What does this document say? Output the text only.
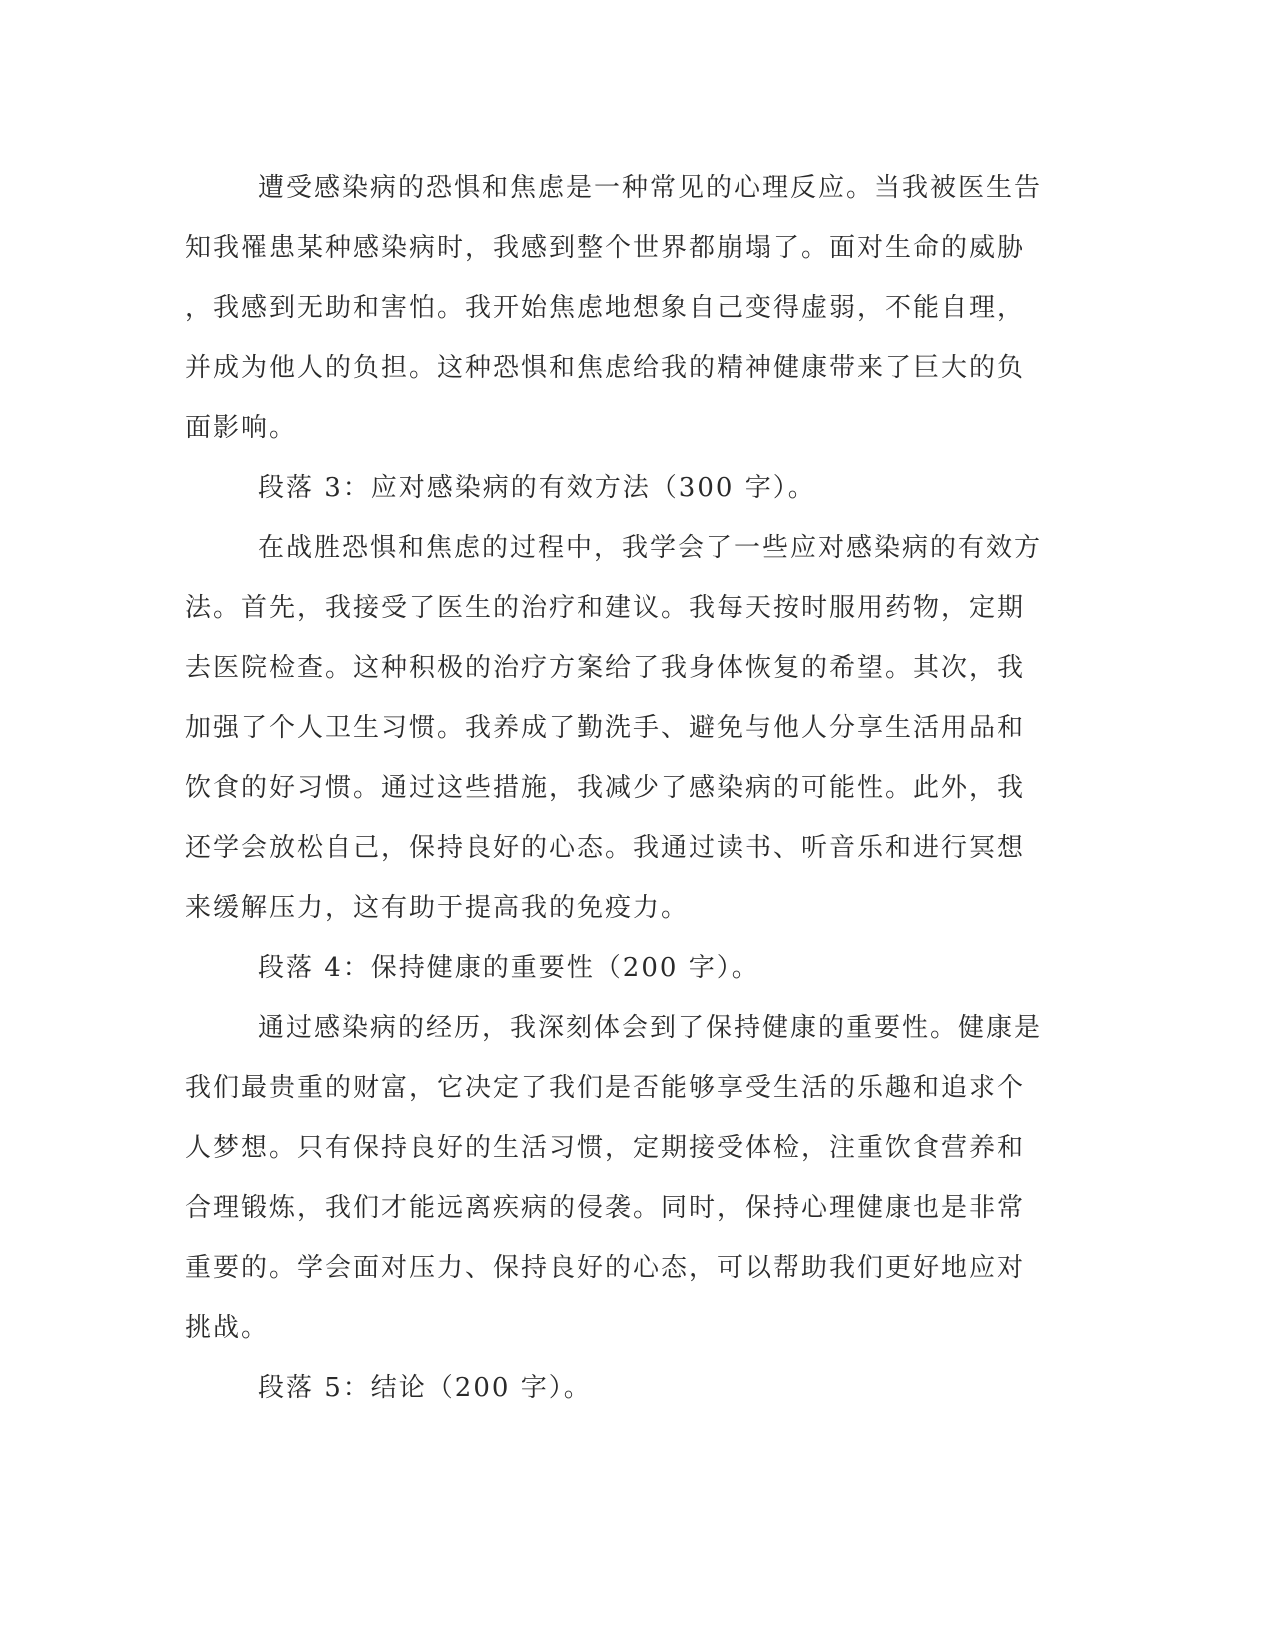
遭受感染病的恐惧和焦虑是一种常见的心理反应。当我被医生告
知我罹患某种感染病时，我感到整个世界都崩塌了。面对生命的威胁
，我感到无助和害怕。我开始焦虑地想象自己变得虚弱，不能自理，
并成为他人的负担。这种恐惧和焦虑给我的精神健康带来了巨大的负
面影响。
段落 3：应对感染病的有效方法（300 字）。
在战胜恐惧和焦虑的过程中，我学会了一些应对感染病的有效方
法。首先，我接受了医生的治疗和建议。我每天按时服用药物，定期
去医院检查。这种积极的治疗方案给了我身体恢复的希望。其次，我
加强了个人卫生习惯。我养成了勤洗手、避免与他人分享生活用品和
饮食的好习惯。通过这些措施，我减少了感染病的可能性。此外，我
还学会放松自己，保持良好的心态。我通过读书、听音乐和进行冥想
来缓解压力，这有助于提高我的免疫力。
段落 4：保持健康的重要性（200 字）。
通过感染病的经历，我深刻体会到了保持健康的重要性。健康是
我们最贵重的财富，它决定了我们是否能够享受生活的乐趣和追求个
人梦想。只有保持良好的生活习惯，定期接受体检，注重饮食营养和
合理锻炼，我们才能远离疾病的侵袭。同时，保持心理健康也是非常
重要的。学会面对压力、保持良好的心态，可以帮助我们更好地应对
挑战。
段落 5：结论（200 字）。
